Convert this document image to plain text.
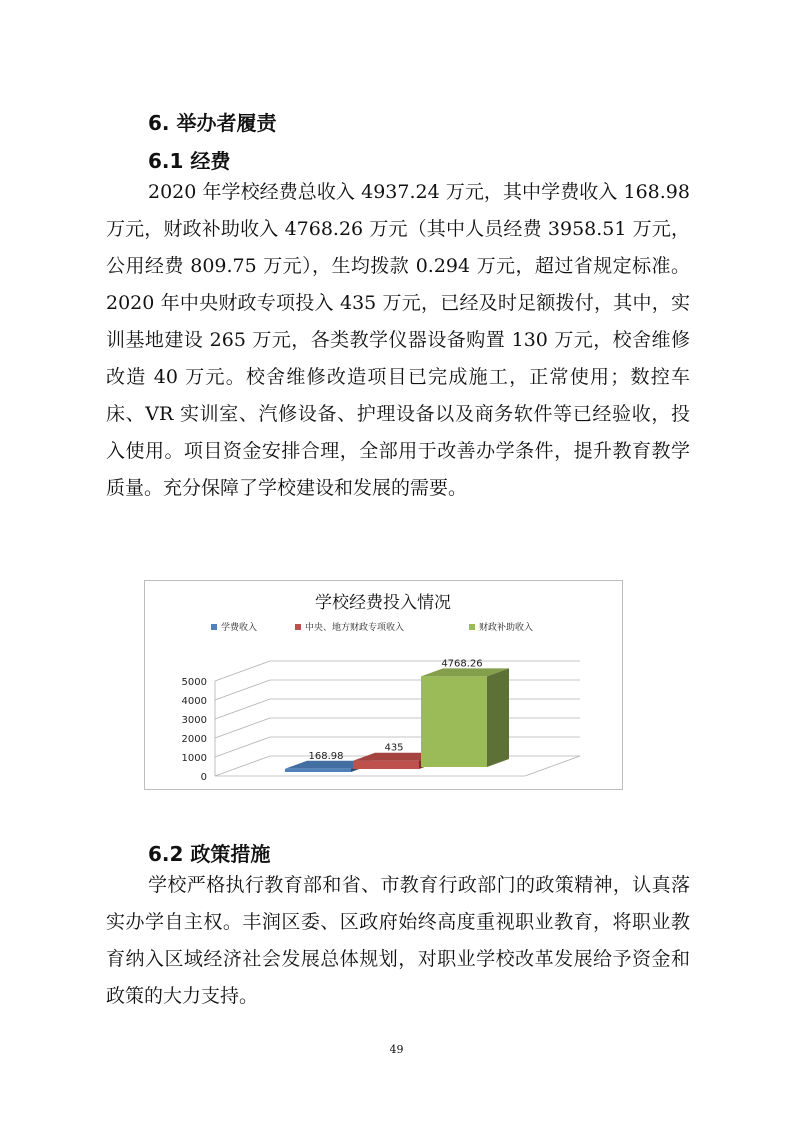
6. 举办者履责
6.1 经费

2020 年学校经费总收入 4937.24 万元，其中学费收入 168.98 万元，财政补助收入 4768.26 万元（其中人员经费 3958.51 万元，公用经费 809.75 万元），生均拨款 0.294 万元，超过省规定标准。2020 年中央财政专项投入 435 万元，已经及时足额拨付，其中，实训基地建设 265 万元，各类教学仪器设备购置 130 万元，校舍维修改造 40 万元。校舍维修改造项目已完成施工，正常使用；数控车床、VR 实训室、汽修设备、护理设备以及商务软件等已经验收，投入使用。项目资金安排合理，全部用于改善办学条件，提升教育教学质量。充分保障了学校建设和发展的需要。

学校经费投入情况
学费收入	中央、地方财政专项收入	财政补助收入
0
1000
2000
3000
4000
5000
168.98
435
4768.26
6.2 政策措施

学校严格执行教育部和省、市教育行政部门的政策精神，认真落实办学自主权。丰润区委、区政府始终高度重视职业教育，将职业教育纳入区域经济社会发展总体规划，对职业学校改革发展给予资金和政策的大力支持。

49
